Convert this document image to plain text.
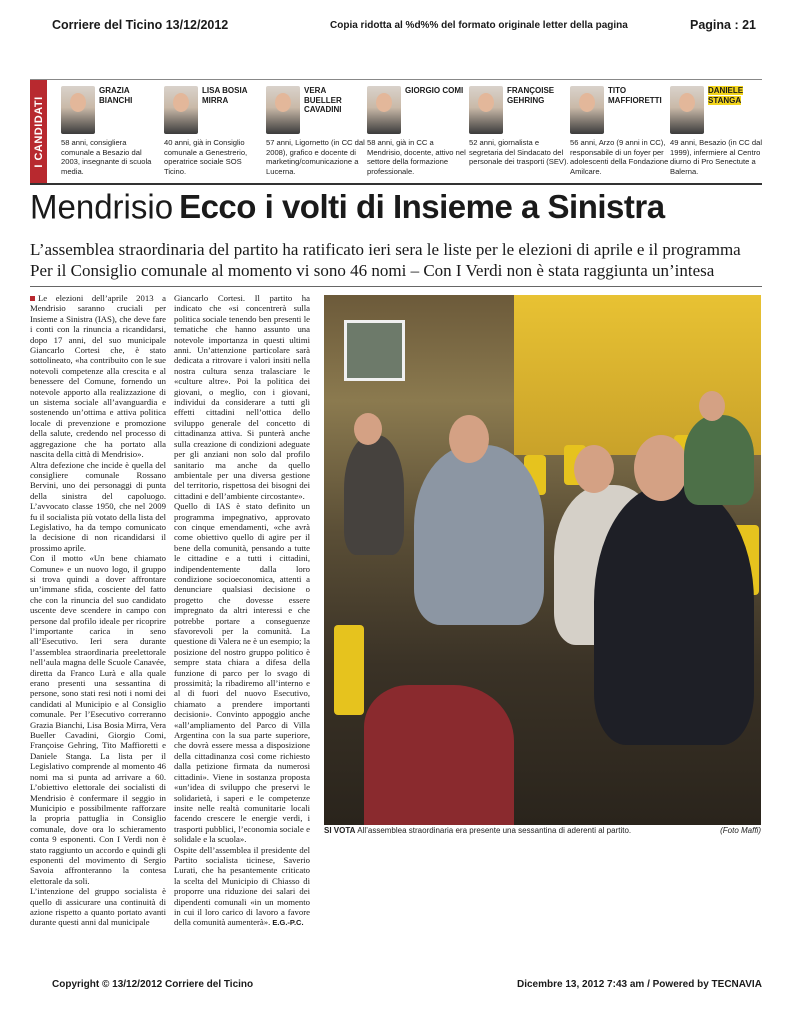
Corriere del Ticino 13/12/2012	Copia ridotta al %d%% del formato originale letter della pagina	Pagina : 21
I CANDIDATI
GRAZIA BIANCHI
58 anni, consigliera comunale a Besazio dal 2003, insegnante di scuola media.
LISA BOSIA MIRRA
40 anni, già in Consiglio comunale a Genestrerio, operatrice sociale SOS Ticino.
VERA BUELLER CAVADINI
57 anni, Ligornetto (in CC dal 2008), grafico e docente di marketing/comunicazione a Lucerna.
GIORGIO COMI
58 anni, già in CC a Mendrisio, docente, attivo nel settore della formazione professionale.
FRANÇOISE GEHRING
52 anni, giornalista e segretaria del Sindacato del personale dei trasporti (SEV).
TITO MAFFIORETTI
56 anni, Arzo (9 anni in CC), responsabile di un foyer per adolescenti della Fondazione Amilcare.
DANIELE STANGA
49 anni, Besazio (in CC dal 1999), infermiere al Centro diurno di Pro Senectute a Balerna.
Mendrisio Ecco i volti di Insieme a Sinistra
L’assemblea straordinaria del partito ha ratificato ieri sera le liste per le elezioni di aprile e il programma
Per il Consiglio comunale al momento vi sono 46 nomi – Con I Verdi non è stata raggiunta un’intesa

Le elezioni dell’aprile 2013 a Mendrisio saranno cruciali per Insieme a Sinistra (IAS), che deve fare i conti con la rinuncia a ricandidarsi, dopo 17 anni, del suo municipale Giancarlo Cortesi che, è stato sottolineato, «ha contribuito con le sue notevoli competenze alla crescita e al benessere del Comune, fornendo un notevole apporto alla realizzazione di un sistema sociale all’avanguardia e sostenendo un’ottima e attiva politica locale di prevenzione e promozione della salute, credendo nel processo di aggregazione che ha portato alla nascita della città di Mendrisio».

Altra defezione che incide è quella del consigliere comunale Rossano Bervini, uno dei personaggi di punta della sinistra del capoluogo. L’avvocato classe 1950, che nel 2009 fu il socialista più votato della lista del Legislativo, ha da tempo comunicato la decisione di non ricandidarsi il prossimo aprile.

Con il motto «Un bene chiamato Comune» e un nuovo logo, il gruppo si trova quindi a dover affrontare un’immane sfida, cosciente del fatto che con la rinuncia del suo candidato uscente deve scendere in campo con persone dal profilo ideale per ricoprire l’importante carica in seno all’Esecutivo. Ieri sera durante l’assemblea straordinaria preelettorale nell’aula magna delle Scuole Canavée, diretta da Franco Lurà e alla quale erano presenti una sessantina di persone, sono stati resi noti i nomi dei candidati al Municipio e al Consiglio comunale. Per l’Esecutivo correranno Grazia Bianchi, Lisa Bosia Mirra, Vera Bueller Cavadini, Giorgio Comi, Françoise Gehring, Tito Maffioretti e Daniele Stanga. La lista per il Legislativo comprende al momento 46 nomi ma si punta ad arrivare a 60. L’obiettivo elettorale dei socialisti di Mendrisio è confermare il seggio in Municipio e possibilmente rafforzare la propria pattuglia in Consiglio comunale, dove ora lo schieramento conta 9 esponenti. Con I Verdi non è stato raggiunto un accordo e quindi gli esponenti del movimento di Sergio Savoia affronteranno la contesa elettorale da soli.

L’intenzione del gruppo socialista è quello di assicurare una continuità di azione rispetto a quanto portato avanti durante questi anni dal municipale

Giancarlo Cortesi. Il partito ha indicato che «si concentrerà sulla politica sociale tenendo ben presenti le tematiche che hanno assunto una notevole importanza in questi ultimi anni. Un’attenzione particolare sarà dedicata a ritrovare i valori insiti nella nostra cultura senza tralasciare le «culture altre». Poi la politica dei giovani, o meglio, con i giovani, individui da considerare a tutti gli effetti cittadini nell’ottica dello sviluppo generale del concetto di cittadinanza attiva. Si punterà anche sulla creazione di condizioni adeguate per gli anziani non solo dal profilo sanitario ma anche da quello ambientale per una diversa gestione del territorio, rispettosa dei bisogni dei cittadini e dell’ambiente circostante».

Quello di IAS è stato definito un programma impegnativo, approvato con cinque emendamenti, «che avrà come obiettivo quello di agire per il bene della comunità, pensando a tutte le cittadine e a tutti i cittadini, indipendentemente dalla loro condizione socioeconomica, attenti a denunciare qualsiasi decisione o progetto che dovesse essere impregnato da altri interessi e che potrebbe portare a conseguenze sfavorevoli per la comunità. La questione di Valera ne è un esempio; la posizione del nostro gruppo politico è sempre stata chiara a difesa della funzione di parco per lo svago di prossimità; la ribadiremo all’interno e al di fuori del nuovo Esecutivo, chiamato a prendere importanti decisioni». Convinto appoggio anche «all’ampliamento del Parco di Villa Argentina con la sua parte superiore, che dovrà essere messa a disposizione della cittadinanza così come richiesto dalla petizione firmata da numerosi cittadini». Viene in sostanza proposta «un’idea di sviluppo che preservi le solidarietà, i saperi e le competenze insite nelle realtà comunitarie locali facendo crescere le energie verdi, i trasporti pubblici, l’economia sociale e solidale e la scuola».

Ospite dell’assemblea il presidente del Partito socialista ticinese, Saverio Lurati, che ha pesantemente criticato la scelta del Municipio di Chiasso di proporre una riduzione dei salari dei dipendenti comunali «in un momento in cui il loro carico di lavoro a favore della comunità aumenterà». E.G.-P.C.

SI VOTA All’assemblea straordinaria era presente una sessantina di aderenti al partito.	(Foto Maffi)
Copyright © 13/12/2012 Corriere del Ticino	Dicembre 13, 2012 7:43 am / Powered by TECNAVIA
